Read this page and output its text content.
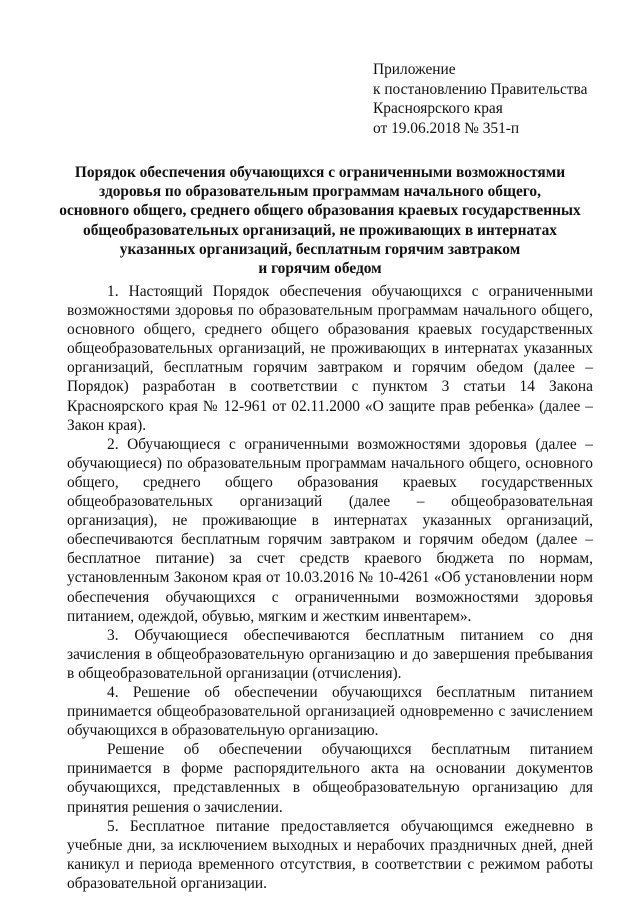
Приложение
к постановлению Правительства
Красноярского края
от 19.06.2018 № 351-п
Порядок обеспечения обучающихся с ограниченными возможностями
здоровья по образовательным программам начального общего,
основного общего, среднего общего образования краевых государственных
общеобразовательных организаций, не проживающих в интернатах
указанных организаций, бесплатным горячим завтраком
и горячим обедом

1. Настоящий Порядок обеспечения обучающихся с ограниченными возможностями здоровья по образовательным программам начального общего, основного общего, среднего общего образования краевых государственных общеобразовательных организаций, не проживающих в интернатах указанных организаций, бесплатным горячим завтраком и горячим обедом (далее – Порядок) разработан в соответствии с пунктом 3 статьи 14 Закона Красноярского края № 12-961 от 02.11.2000 «О защите прав ребенка» (далее – Закон края).

2. Обучающиеся с ограниченными возможностями здоровья (далее – обучающиеся) по образовательным программам начального общего, основного общего, среднего общего образования краевых государственных общеобразовательных организаций (далее – общеобразовательная организация), не проживающие в интернатах указанных организаций, обеспечиваются бесплатным горячим завтраком и горячим обедом (далее – бесплатное питание) за счет средств краевого бюджета по нормам, установленным Законом края от 10.03.2016 № 10-4261 «Об установлении норм обеспечения обучающихся с ограниченными возможностями здоровья питанием, одеждой, обувью, мягким и жестким инвентарем».

3. Обучающиеся обеспечиваются бесплатным питанием со дня зачисления в общеобразовательную организацию и до завершения пребывания в общеобразовательной организации (отчисления).

4. Решение об обеспечении обучающихся бесплатным питанием принимается общеобразовательной организацией одновременно с зачислением обучающихся в образовательную организацию.

Решение об обеспечении обучающихся бесплатным питанием принимается в форме распорядительного акта на основании документов обучающихся, представленных в общеобразовательную организацию для принятия решения о зачислении.

5. Бесплатное питание предоставляется обучающимся ежедневно в учебные дни, за исключением выходных и нерабочих праздничных дней, дней каникул и периода временного отсутствия, в соответствии с режимом работы образовательной организации.
